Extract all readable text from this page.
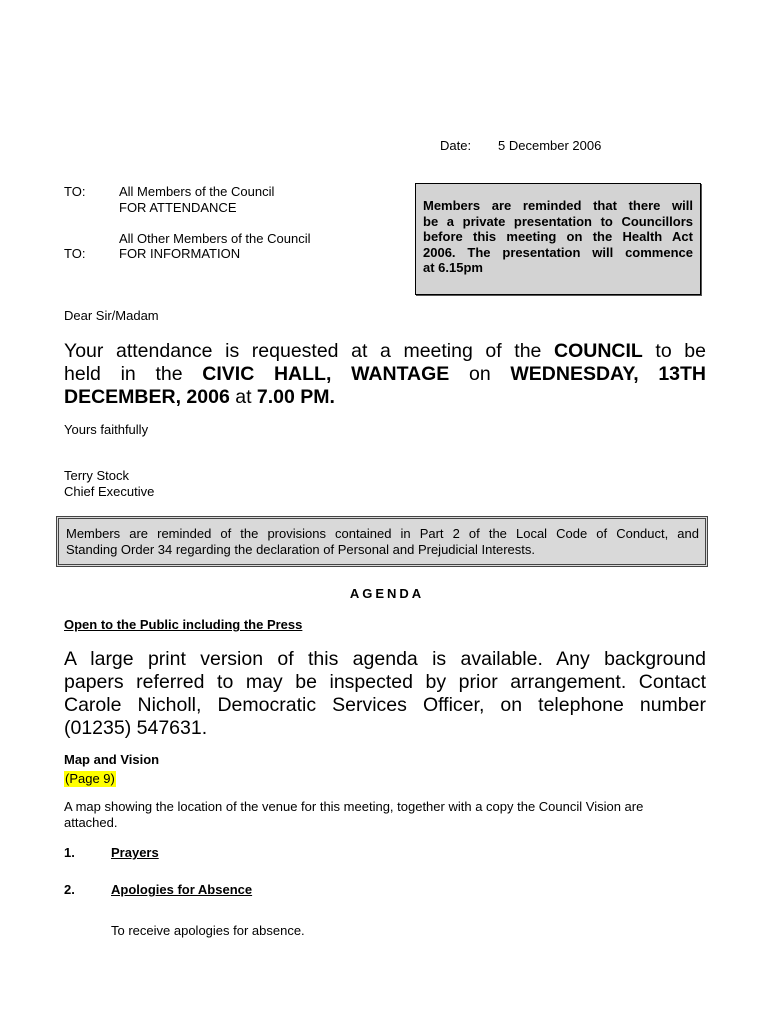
Date: 5 December 2006
TO:	All Members of the Council
FOR ATTENDANCE
All Other Members of the Council
TO:	FOR INFORMATION
Members are reminded that there will
be a private presentation to Councillors
before this meeting on the Health Act
2006. The presentation will commence
at 6.15pm
Dear Sir/Madam
Your attendance is requested at a meeting of the COUNCIL to be
held in the CIVIC HALL, WANTAGE on WEDNESDAY, 13TH
DECEMBER, 2006 at 7.00 PM.
Yours faithfully
Terry Stock
Chief Executive
Members are reminded of the provisions contained in Part 2 of the Local Code of Conduct, and
Standing Order 34 regarding the declaration of Personal and Prejudicial Interests.
AGENDA
Open to the Public including the Press
A large print version of this agenda is available. Any background
papers referred to may be inspected by prior arrangement. Contact
Carole Nicholl, Democratic Services Officer, on telephone number
(01235) 547631.
Map and Vision
(Page 9)
A map showing the location of the venue for this meeting, together with a copy the Council Vision are
attached.
1.	Prayers
2.	Apologies for Absence
To receive apologies for absence.
